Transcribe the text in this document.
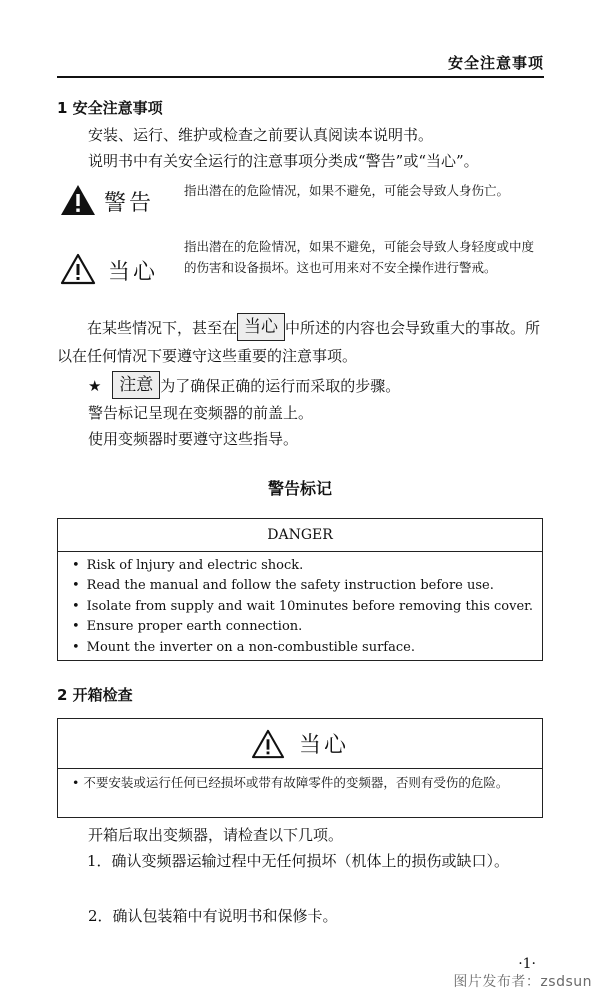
安全注意事项
1 安全注意事项
安装、运行、维护或检查之前要认真阅读本说明书。
说明书中有关安全运行的注意事项分类成“警告”或“当心”。
警告
指出潜在的危险情况，如果不避免，可能会导致人身伤亡。
当心
指出潜在的危险情况，如果不避免，可能会导致人身轻度或中度的伤害和设备损坏。这也可用来对不安全操作进行警戒。
在某些情况下，甚至在 当心 中所述的内容也会导致重大的事故。所以在任何情况下要遵守这些重要的注意事项。
★ 注意 为了确保正确的运行而采取的步骤。
警告标记呈现在变频器的前盖上。
使用变频器时要遵守这些指导。
警告标记
DANGER
• Risk of lnjury and electric shock.
• Read the manual and follow the safety instruction before use.
• Isolate from supply and wait 10minutes before removing this cover.
• Ensure proper earth connection.
• Mount the inverter on a non-combustible surface.
2 开箱检查
当心
• 不要安装或运行任何已经损坏或带有故障零件的变频器，否则有受伤的危险。
开箱后取出变频器，请检查以下几项。
1．确认变频器运输过程中无任何损坏（机体上的损伤或缺口）。
2．确认包装箱中有说明书和保修卡。
·1·
图片发布者：zsdsun
